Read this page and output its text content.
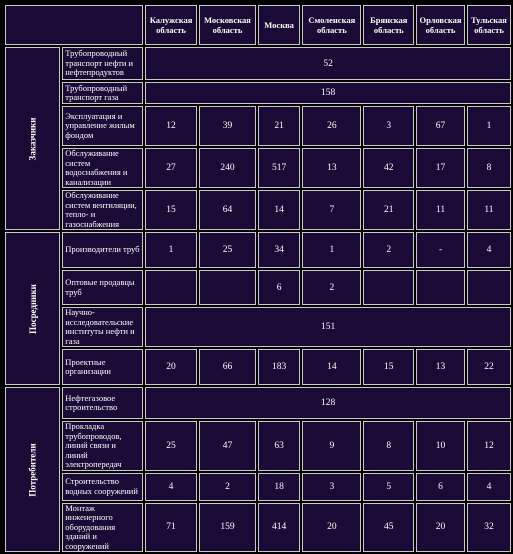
		Калужская область	Московская область	Москва	Смоленская область	Брянская область	Орловская область	Тульская область
Заказчики	Трубопроводный транспорт нефти и нефтепродуктов	52						
	Трубопроводный транспорт газа	158						
	Эксплуатация и управление жилым фондом	12	39	21	26	3	67	1
	Обслуживание систем водоснабжения и канализации	27	240	517	13	42	17	8
	Обслуживание систем вентиляции, тепло- и газоснабжения	15	64	14	7	21	11	11
Посредники	Производители труб	1	25	34	1	2	-	4
	Оптовые продавцы труб			6	2			
	Научно-исследовательские институты нефти и газа	151						
	Проектные организации	20	66	183	14	15	13	22
Потребители	Нефтегазовое строительство	128						
	Прокладка трубопроводов, линий связи и линий электропередач	25	47	63	9	8	10	12
	Строительство водных сооружений	4	2	18	3	5	6	4
	Монтаж инженерного оборудования зданий и сооружений	71	159	414	20	45	20	32
